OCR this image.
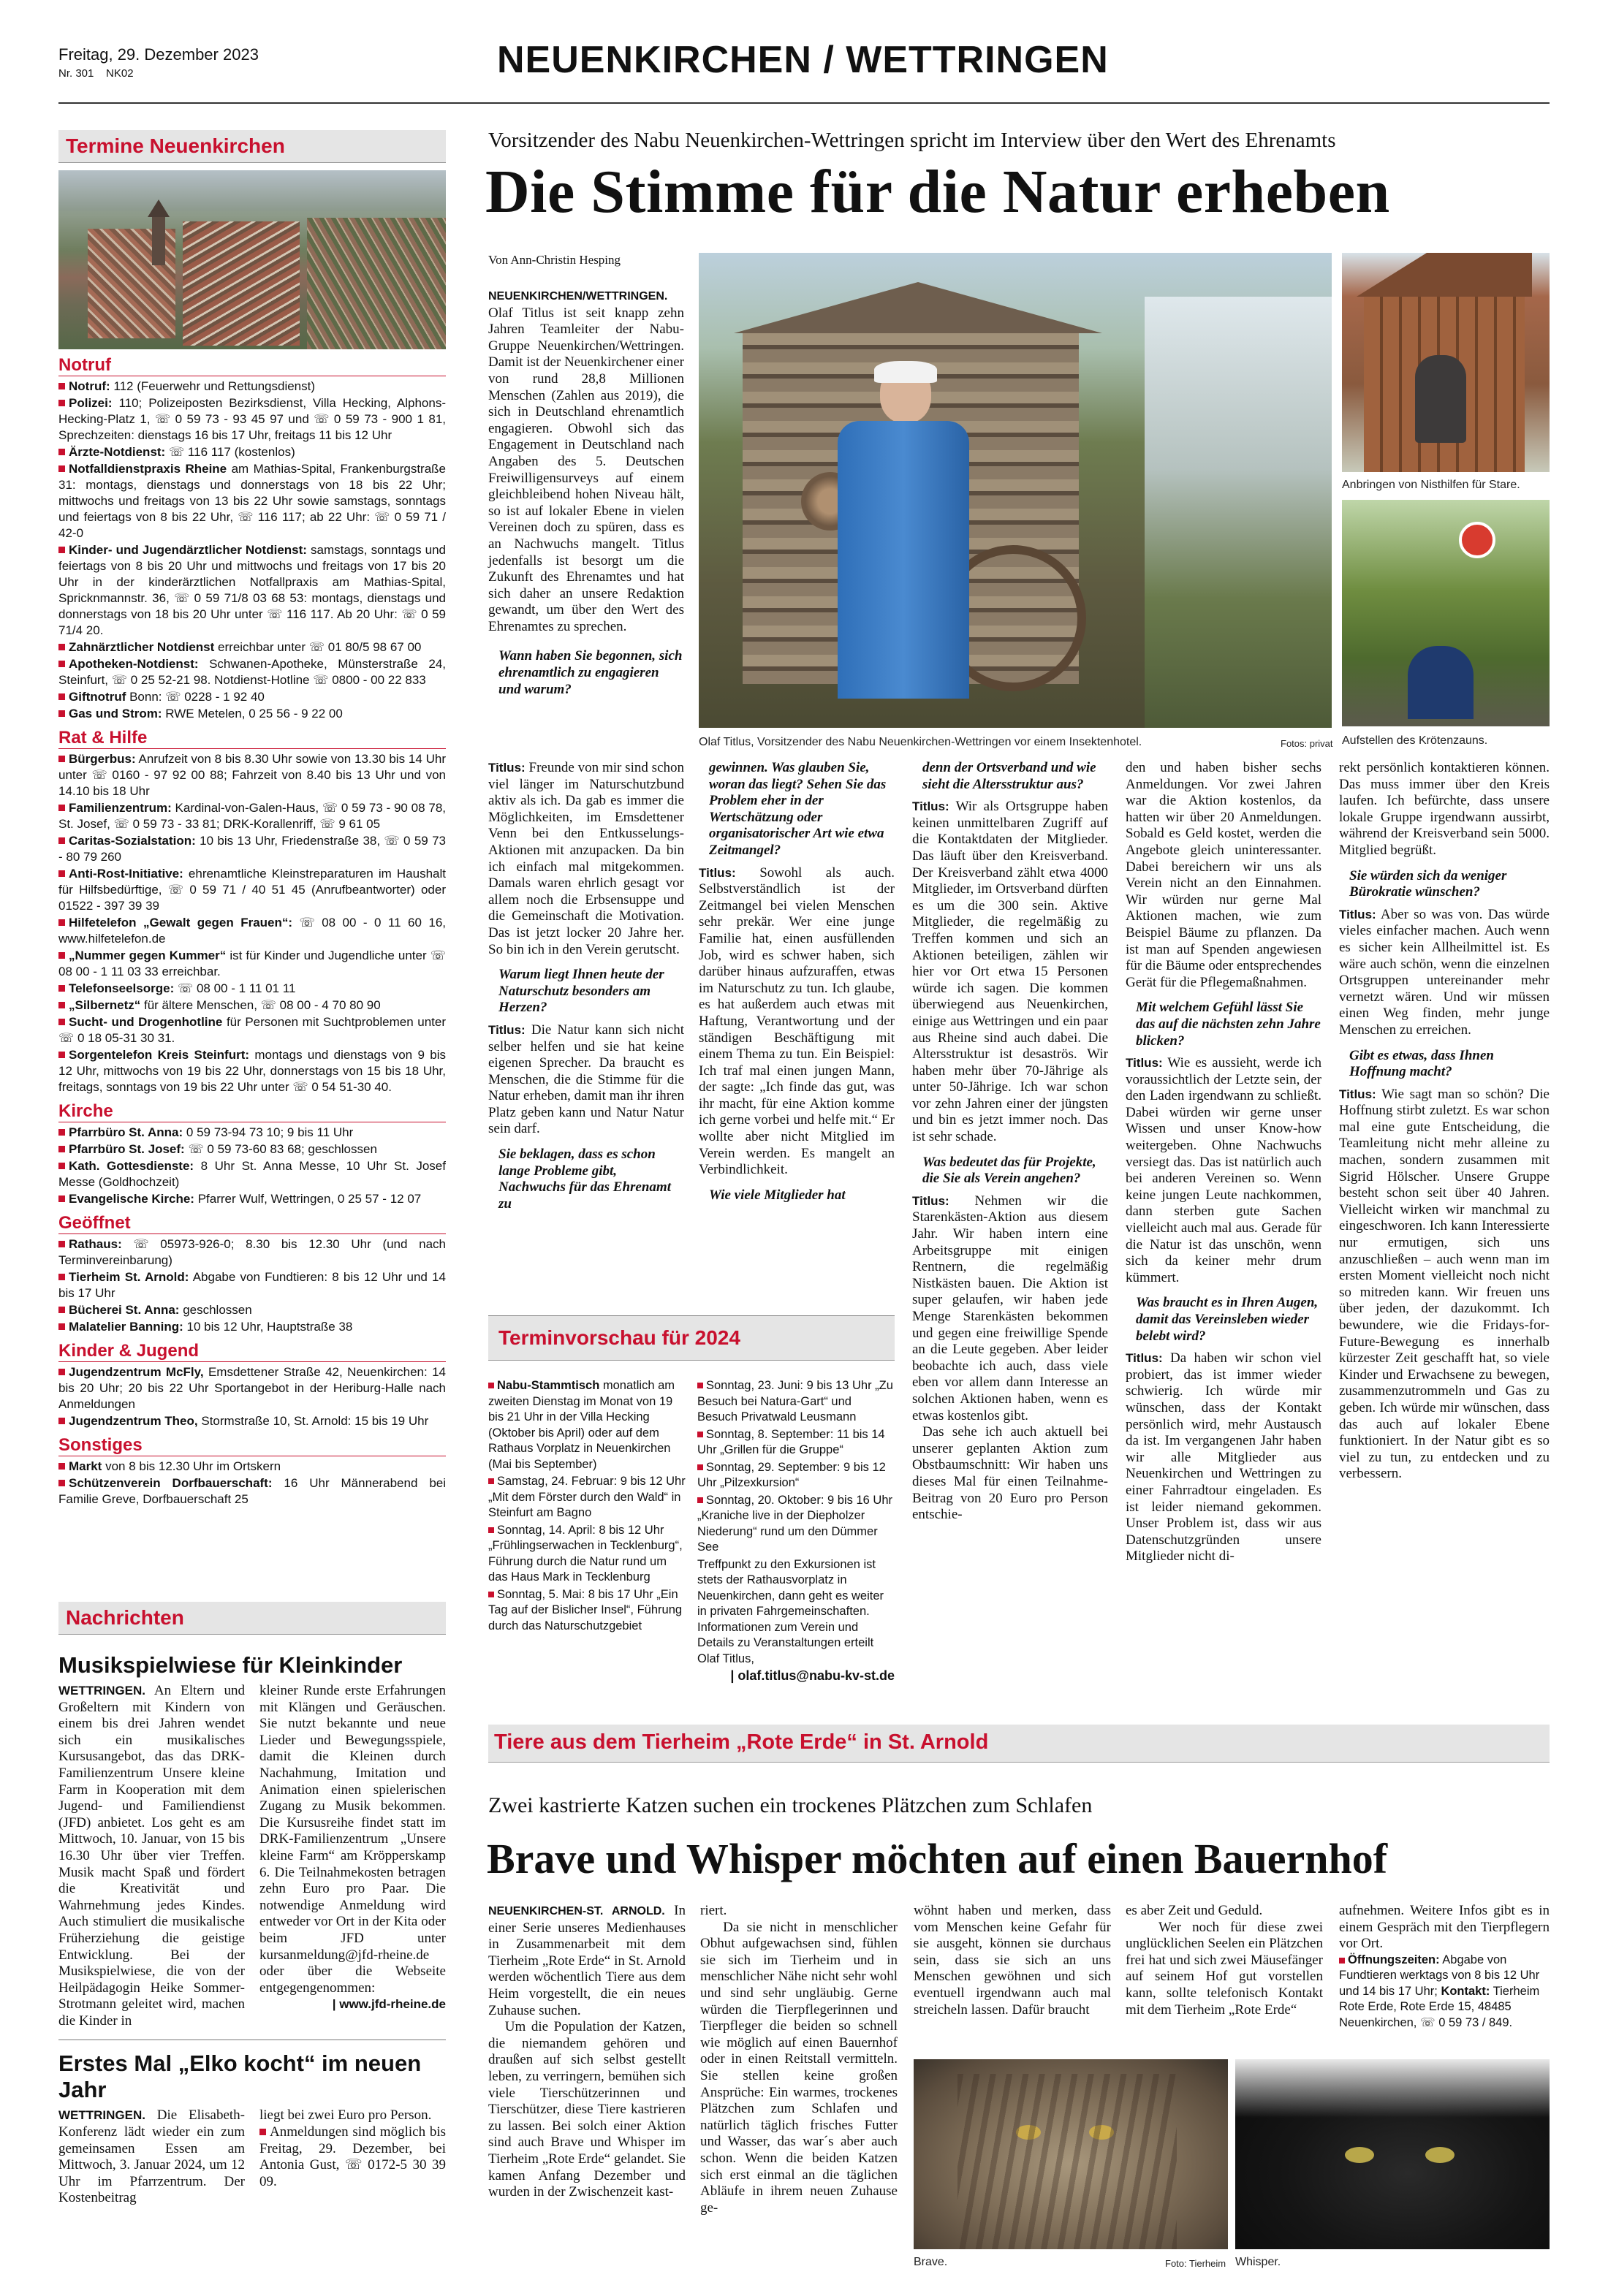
Freitag, 29. Dezember 2023
Nr. 301 NK02	NEUENKIRCHEN / WETTRINGEN
Termine Neuenkirchen
Notruf
Notruf: 112 (Feuerwehr und Rettungsdienst)
Polizei: 110; Polizeiposten Bezirksdienst, Villa Hecking, Alphons-Hecking-Platz 1, ☏ 0 59 73 - 93 45 97 und ☏ 0 59 73 - 900 1 81, Sprechzeiten: dienstags 16 bis 17 Uhr, freitags 11 bis 12 Uhr
Ärzte-Notdienst: ☏ 116 117 (kostenlos)
Notfalldienstpraxis Rheine am Mathias-Spital, Frankenburgstraße 31: montags, dienstags und donnerstags von 18 bis 22 Uhr; mittwochs und freitags von 13 bis 22 Uhr sowie samstags, sonntags und feiertags von 8 bis 22 Uhr, ☏ 116 117; ab 22 Uhr: ☏ 0 59 71 / 42-0
Kinder- und Jugendärztlicher Notdienst: samstags, sonntags und feiertags von 8 bis 20 Uhr und mittwochs und freitags von 17 bis 20 Uhr in der kinderärztlichen Notfallpraxis am Mathias-Spital, Spricknmannstr. 36, ☏ 0 59 71/8 03 68 53: montags, dienstags und donnerstags von 18 bis 20 Uhr unter ☏ 116 117. Ab 20 Uhr: ☏ 0 59 71/4 20.
Zahnärztlicher Notdienst erreichbar unter ☏ 01 80/5 98 67 00
Apotheken-Notdienst: Schwanen-Apotheke, Münsterstraße 24, Steinfurt, ☏ 0 25 52-21 98. Notdienst-Hotline ☏ 0800 - 00 22 833
Giftnotruf Bonn: ☏ 0228 - 1 92 40
Gas und Strom: RWE Metelen, 0 25 56 - 9 22 00
Rat & Hilfe
Bürgerbus: Anrufzeit von 8 bis 8.30 Uhr sowie von 13.30 bis 14 Uhr unter ☏ 0160 - 97 92 00 88; Fahrzeit von 8.40 bis 13 Uhr und von 14.10 bis 18 Uhr
Familienzentrum: Kardinal-von-Galen-Haus, ☏ 0 59 73 - 90 08 78, St. Josef, ☏ 0 59 73 - 33 81; DRK-Korallenriff, ☏ 9 61 05
Caritas-Sozialstation: 10 bis 13 Uhr, Friedenstraße 38, ☏ 0 59 73 - 80 79 260
Anti-Rost-Initiative: ehrenamtliche Kleinstreparaturen im Haushalt für Hilfsbedürftige, ☏ 0 59 71 / 40 51 45 (Anrufbeantworter) oder 01522 - 397 39 39
Hilfetelefon „Gewalt gegen Frauen“: ☏ 08 00 - 0 11 60 16, www.hilfetelefon.de
„Nummer gegen Kummer“ ist für Kinder und Jugendliche unter ☏ 08 00 - 1 11 03 33 erreichbar.
Telefonseelsorge: ☏ 08 00 - 1 11 01 11
„Silbernetz“ für ältere Menschen, ☏ 08 00 - 4 70 80 90
Sucht- und Drogenhotline für Personen mit Suchtproblemen unter ☏ 0 18 05-31 30 31.
Sorgentelefon Kreis Steinfurt: montags und dienstags von 9 bis 12 Uhr, mittwochs von 19 bis 22 Uhr, donnerstags von 15 bis 18 Uhr, freitags, sonntags von 19 bis 22 Uhr unter ☏ 0 54 51-30 40.
Kirche
Pfarrbüro St. Anna: 0 59 73-94 73 10; 9 bis 11 Uhr
Pfarrbüro St. Josef: ☏ 0 59 73-60 83 68; geschlossen
Kath. Gottesdienste: 8 Uhr St. Anna Messe, 10 Uhr St. Josef Messe (Goldhochzeit)
Evangelische Kirche: Pfarrer Wulf, Wettringen, 0 25 57 - 12 07
Geöffnet
Rathaus: ☏ 05973-926-0; 8.30 bis 12.30 Uhr (und nach Terminvereinbarung)
Tierheim St. Arnold: Abgabe von Fundtieren: 8 bis 12 Uhr und 14 bis 17 Uhr
Bücherei St. Anna: geschlossen
Malatelier Banning: 10 bis 12 Uhr, Hauptstraße 38
Kinder & Jugend
Jugendzentrum McFly, Emsdettener Straße 42, Neuenkirchen: 14 bis 20 Uhr; 20 bis 22 Uhr Sportangebot in der Heriburg-Halle nach Anmeldungen
Jugendzentrum Theo, Stormstraße 10, St. Arnold: 15 bis 19 Uhr
Sonstiges
Markt von 8 bis 12.30 Uhr im Ortskern
Schützenverein Dorfbauerschaft: 16 Uhr Männerabend bei Familie Greve, Dorfbauerschaft 25
Nachrichten
Musikspielwiese für Kleinkinder
WETTRINGEN. An Eltern und Großeltern mit Kindern von einem bis drei Jahren wendet sich ein musikalisches Kursusangebot, das das DRK-Familienzentrum Unsere kleine Farm in Kooperation mit dem Jugend- und Familiendienst (JFD) anbietet. Los geht es am Mittwoch, 10. Januar, von 15 bis 16.30 Uhr über vier Treffen. Musik macht Spaß und fördert die Kreativität und Wahrnehmung jedes Kindes. Auch stimuliert die musikalische Früherziehung die geistige Entwicklung. Bei der Musikspielwiese, die von der Heilpädagogin Heike Sommer-Strotmann geleitet wird, machen die Kinder in
kleiner Runde erste Erfahrungen mit Klängen und Geräuschen. Sie nutzt bekannte und neue Lieder und Bewegungsspiele, damit die Kleinen durch Nachahmung, Imitation und Animation einen spielerischen Zugang zu Musik bekommen. Die Kursusreihe findet statt im DRK-Familienzentrum „Unsere kleine Farm“ am Kröpperskamp 6. Die Teilnahmekosten betragen zehn Euro pro Paar. Die notwendige Anmeldung wird entweder vor Ort in der Kita oder beim JFD unter kursanmeldung@jfd-rheine.de oder über die Webseite entgegengenommen:
| www.jfd-rheine.de
Erstes Mal „Elko kocht“ im neuen Jahr
WETTRINGEN. Die Elisabeth-Konferenz lädt wieder ein zum gemeinsamen Essen am Mittwoch, 3. Januar 2024, um 12 Uhr im Pfarrzentrum. Der Kostenbeitrag

liegt bei zwei Euro pro Person.

Anmeldungen sind möglich bis Freitag, 29. Dezember, bei Antonia Gust, ☏ 0172-5 30 39 09.

Vorsitzender des Nabu Neuenkirchen-Wettringen spricht im Interview über den Wert des Ehrenamts
Die Stimme für die Natur erheben
Von Ann-Christin Hesping
NEUENKIRCHEN/WETTRINGEN.
Olaf Titlus ist seit knapp zehn Jahren Teamleiter der Nabu-Gruppe Neuenkirchen/Wettringen. Damit ist der Neuenkirchener einer von rund 28,8 Millionen Menschen (Zahlen aus 2019), die sich in Deutschland ehrenamtlich engagieren. Obwohl sich das Engagement in Deutschland nach Angaben des 5. Deutschen Freiwilligensurveys auf einem gleichbleibend hohen Niveau hält, so ist auf lokaler Ebene in vielen Vereinen doch zu spüren, dass es an Nachwuchs mangelt. Titlus jedenfalls ist besorgt um die Zukunft des Ehrenamtes und hat sich daher an unsere Redaktion gewandt, um über den Wert des Ehrenamtes zu sprechen.
Wann haben Sie begonnen, sich ehrenamtlich zu engagieren und warum?
Olaf Titlus, Vorsitzender des Nabu Neuenkirchen-Wettringen vor einem Insektenhotel.	Fotos: privat
Anbringen von Nisthilfen für Stare.
Aufstellen des Krötenzauns.
Titlus: Freunde von mir sind schon viel länger im Naturschutzbund aktiv als ich. Da gab es immer die Möglichkeiten, im Emsdettener Venn bei den Entkusselungs-Aktionen mit anzupacken. Da bin ich einfach mal mitgekommen. Damals waren ehrlich gesagt vor allem noch die Erbsensuppe und die Gemeinschaft die Motivation. Das ist jetzt locker 20 Jahre her. So bin ich in den Verein gerutscht.
Warum liegt Ihnen heute der Naturschutz besonders am Herzen?
Titlus: Die Natur kann sich nicht selber helfen und sie hat keine eigenen Sprecher. Da braucht es Menschen, die die Stimme für die Natur erheben, damit man ihr ihren Platz geben kann und Natur Natur sein darf.
Sie beklagen, dass es schon lange Probleme gibt, Nachwuchs für das Ehrenamt zu
gewinnen. Was glauben Sie, woran das liegt? Sehen Sie das Problem eher in der Wertschätzung oder organisatorischer Art wie etwa Zeitmangel?
Titlus: Sowohl als auch. Selbstverständlich ist der Zeitmangel bei vielen Menschen sehr prekär. Wer eine junge Familie hat, einen ausfüllenden Job, wird es schwer haben, sich darüber hinaus aufzuraffen, etwas im Naturschutz zu tun. Ich glaube, es hat außerdem auch etwas mit Haftung, Verantwortung und der ständigen Beschäftigung mit einem Thema zu tun. Ein Beispiel: Ich traf mal einen jungen Mann, der sagte: „Ich finde das gut, was ihr macht, für eine Aktion komme ich gerne vorbei und helfe mit.“ Er wollte aber nicht Mitglied im Verein werden. Es mangelt an Verbindlichkeit.
Wie viele Mitglieder hat
denn der Ortsverband und wie sieht die Altersstruktur aus?
Titlus: Wir als Ortsgruppe haben keinen unmittelbaren Zugriff auf die Kontaktdaten der Mitglieder. Das läuft über den Kreisverband. Der Kreisverband zählt etwa 4000 Mitglieder, im Ortsverband dürften es um die 300 sein. Aktive Mitglieder, die regelmäßig zu Treffen kommen und sich an Aktionen beteiligen, zählen wir hier vor Ort etwa 15 Personen würde ich sagen. Die kommen überwiegend aus Neuenkirchen, einige aus Wettringen und ein paar aus Rheine sind auch dabei. Die Altersstruktur ist desaströs. Wir haben mehr über 70-Jährige als unter 50-Jährige. Ich war schon vor zehn Jahren einer der jüngsten und bin es jetzt immer noch. Das ist sehr schade.
Was bedeutet das für Projekte, die Sie als Verein angehen?
Titlus: Nehmen wir die Starenkästen-Aktion aus diesem Jahr. Wir haben intern eine Arbeitsgruppe mit einigen Rentnern, die regelmäßig Nistkästen bauen. Die Aktion ist super gelaufen, wir haben jede Menge Starenkästen bekommen und gegen eine freiwillige Spende an die Leute gegeben. Aber leider beobachte ich auch, dass viele eben vor allem dann Interesse an solchen Aktionen haben, wenn es etwas kostenlos gibt.
Das sehe ich auch aktuell bei unserer geplanten Aktion zum Obstbaumschnitt: Wir haben uns dieses Mal für einen Teilnahme-Beitrag von 20 Euro pro Person entschie-
den und haben bisher sechs Anmeldungen. Vor zwei Jahren war die Aktion kostenlos, da hatten wir über 20 Anmeldungen. Sobald es Geld kostet, werden die Angebote gleich uninteressanter. Dabei bereichern wir uns als Verein nicht an den Einnahmen. Wir würden nur gerne Mal Aktionen machen, wie zum Beispiel Bäume zu pflanzen. Da ist man auf Spenden angewiesen für die Bäume oder entsprechendes Gerät für die Pflegemaßnahmen.
Mit welchem Gefühl lässt Sie das auf die nächsten zehn Jahre blicken?
Titlus: Wie es aussieht, werde ich voraussichtlich der Letzte sein, der den Laden irgendwann zu schließt. Dabei würden wir gerne unser Wissen und unser Know-how weitergeben. Ohne Nachwuchs versiegt das. Das ist natürlich auch bei anderen Vereinen so. Wenn keine jungen Leute nachkommen, dann sterben gute Sachen vielleicht auch mal aus. Gerade für die Natur ist das unschön, wenn sich da keiner mehr drum kümmert.
Was braucht es in Ihren Augen, damit das Vereinsleben wieder belebt wird?
Titlus: Da haben wir schon viel probiert, das ist immer wieder schwierig. Ich würde mir wünschen, dass der Kontakt persönlich wird, mehr Austausch da ist. Im vergangenen Jahr haben wir alle Mitglieder aus Neuenkirchen und Wettringen zu einer Fahrradtour eingeladen. Es ist leider niemand gekommen. Unser Problem ist, dass wir aus Datenschutzgründen unsere Mitglieder nicht di-
rekt persönlich kontaktieren können. Das muss immer über den Kreis laufen. Ich befürchte, dass unsere lokale Gruppe irgendwann aussirbt, während der Kreisverband sein 5000. Mitglied begrüßt.
Sie würden sich da weniger Bürokratie wünschen?
Titlus: Aber so was von. Das würde vieles einfacher machen. Auch wenn es sicher kein Allheilmittel ist. Es wäre auch schön, wenn die einzelnen Ortsgruppen untereinander mehr vernetzt wären. Und wir müssen einen Weg finden, mehr junge Menschen zu erreichen.
Gibt es etwas, dass Ihnen Hoffnung macht?
Titlus: Wie sagt man so schön? Die Hoffnung stirbt zuletzt. Es war schon mal eine gute Entscheidung, die Teamleitung nicht mehr alleine zu machen, sondern zusammen mit Sigrid Hölscher. Unsere Gruppe besteht schon seit über 40 Jahren. Vielleicht wirken wir manchmal zu eingeschworen. Ich kann Interessierte nur ermutigen, sich uns anzuschließen – auch wenn man im ersten Moment vielleicht noch nicht so mitreden kann. Wir freuen uns über jeden, der dazukommt. Ich bewundere, wie die Fridays-for-Future-Bewegung es innerhalb kürzester Zeit geschafft hat, so viele Kinder und Erwachsene zu bewegen, zusammenzutrommeln und Gas zu geben. Ich würde mir wünschen, dass das auch auf lokaler Ebene funktioniert. In der Natur gibt es so viel zu tun, zu entdecken und zu verbessern.
Terminvorschau für 2024
Nabu-Stammtisch monatlich am zweiten Dienstag im Monat von 19 bis 21 Uhr in der Villa Hecking (Oktober bis April) oder auf dem Rathaus Vorplatz in Neuenkirchen (Mai bis September)
Samstag, 24. Februar: 9 bis 12 Uhr „Mit dem Förster durch den Wald“ in Steinfurt am Bagno
Sonntag, 14. April: 8 bis 12 Uhr „Frühlingserwachen in Tecklenburg“, Führung durch die Natur rund um das Haus Mark in Tecklenburg
Sonntag, 5. Mai: 8 bis 17 Uhr „Ein Tag auf der Bislicher Insel“, Führung durch das Naturschutzgebiet
Sonntag, 23. Juni: 9 bis 13 Uhr „Zu Besuch bei Natura-Gart“ und Besuch Privatwald Leusmann
Sonntag, 8. September: 11 bis 14 Uhr „Grillen für die Gruppe“
Sonntag, 29. September: 9 bis 12 Uhr „Pilzexkursion“
Sonntag, 20. Oktober: 9 bis 16 Uhr „Kraniche live in der Diepholzer Niederung“ rund um den Dümmer See
Treffpunkt zu den Exkursionen ist stets der Rathausvorplatz in Neuenkirchen, dann geht es weiter in privaten Fahrgemeinschaften. Informationen zum Verein und Details zu Veranstaltungen erteilt Olaf Titlus,
| olaf.titlus@nabu-kv-st.de
Tiere aus dem Tierheim „Rote Erde“ in St. Arnold
Zwei kastrierte Katzen suchen ein trockenes Plätzchen zum Schlafen
Brave und Whisper möchten auf einen Bauernhof
NEUENKIRCHEN-ST. ARNOLD. In einer Serie unseres Medienhauses in Zusammenarbeit mit dem Tierheim „Rote Erde“ in St. Arnold werden wöchentlich Tiere aus dem Heim vorgestellt, die ein neues Zuhause suchen.
Um die Population der Katzen, die niemandem gehören und draußen auf sich selbst gestellt leben, zu verringern, bemühen sich viele Tierschützerinnen und Tierschützer, diese Tiere kastrieren zu lassen. Bei solch einer Aktion sind auch Brave und Whisper im Tierheim „Rote Erde“ gelandet. Sie kamen Anfang Dezember und wurden in der Zwischenzeit kast-
riert.
Da sie nicht in menschlicher Obhut aufgewachsen sind, fühlen sie sich im Tierheim und in menschlicher Nähe nicht sehr wohl und sind sehr ungläubig. Gerne würden die Tierpflegerinnen und Tierpfleger die beiden so schnell wie möglich auf einen Bauernhof oder in einen Reitstall vermitteln. Sie stellen keine großen Ansprüche: Ein warmes, trockenes Plätzchen zum Schlafen und natürlich täglich frisches Futter und Wasser, das war´s aber auch schon. Wenn die beiden Katzen sich erst einmal an die täglichen Abläufe in ihrem neuen Zuhause ge-
wöhnt haben und merken, dass vom Menschen keine Gefahr für sie ausgeht, können sie durchaus sein, dass sie sich an uns Menschen gewöhnen und sich eventuell irgendwann auch mal streicheln lassen. Dafür braucht
es aber Zeit und Geduld.
Wer noch für diese zwei unglücklichen Seelen ein Plätzchen frei hat und sich zwei Mäusefänger auf seinem Hof gut vorstellen kann, sollte telefonisch Kontakt mit dem Tierheim „Rote Erde“
aufnehmen. Weitere Infos gibt es in einem Gespräch mit den Tierpflegern vor Ort.
Öffnungszeiten: Abgabe von Fundtieren werktags von 8 bis 12 Uhr und 14 bis 17 Uhr; Kontakt: Tierheim Rote Erde, Rote Erde 15, 48485 Neuenkirchen, ☏ 0 59 73 / 849.
Brave.	Foto: Tierheim Whisper.
